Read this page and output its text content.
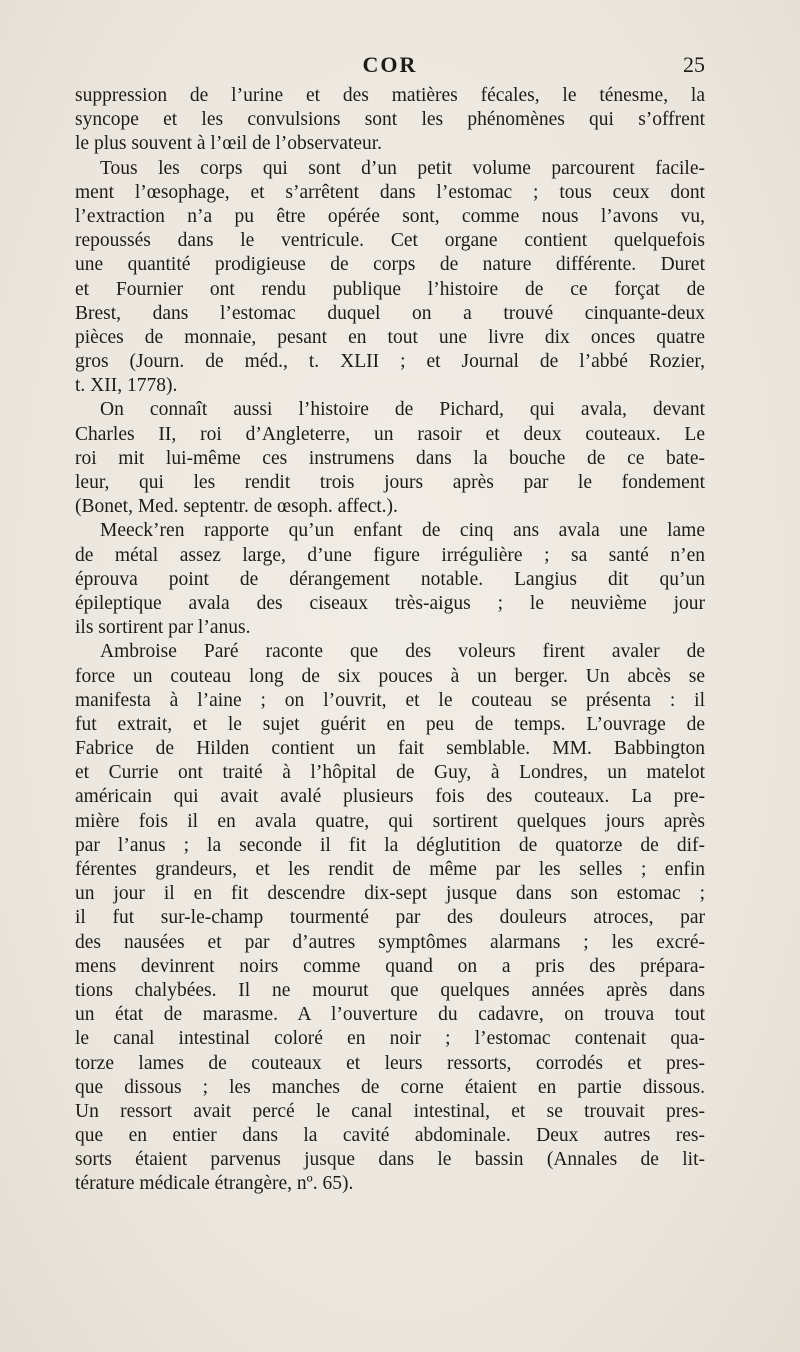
COR	25
suppression de l’urine et des matières fécales, le ténesme, la
syncope et les convulsions sont les phénomènes qui s’offrent
le plus souvent à l’œil de l’observateur.
Tous les corps qui sont d’un petit volume parcourent facile-
ment l’œsophage, et s’arrêtent dans l’estomac ; tous ceux dont
l’extraction n’a pu être opérée sont, comme nous l’avons vu,
repoussés dans le ventricule. Cet organe contient quelquefois
une quantité prodigieuse de corps de nature différente. Duret
et Fournier ont rendu publique l’histoire de ce forçat de
Brest, dans l’estomac duquel on a trouvé cinquante-deux
pièces de monnaie, pesant en tout une livre dix onces quatre
gros (Journ. de méd., t. XLII ; et Journal de l’abbé Rozier,
t. XII, 1778).
On connaît aussi l’histoire de Pichard, qui avala, devant
Charles II, roi d’Angleterre, un rasoir et deux couteaux. Le
roi mit lui-même ces instrumens dans la bouche de ce bate-
leur, qui les rendit trois jours après par le fondement
(Bonet, Med. septentr. de œsoph. affect.).
Meeck’ren rapporte qu’un enfant de cinq ans avala une lame
de métal assez large, d’une figure irrégulière ; sa santé n’en
éprouva point de dérangement notable. Langius dit qu’un
épileptique avala des ciseaux très-aigus ; le neuvième jour
ils sortirent par l’anus.
Ambroise Paré raconte que des voleurs firent avaler de
force un couteau long de six pouces à un berger. Un abcès se
manifesta à l’aine ; on l’ouvrit, et le couteau se présenta : il
fut extrait, et le sujet guérit en peu de temps. L’ouvrage de
Fabrice de Hilden contient un fait semblable. MM. Babbington
et Currie ont traité à l’hôpital de Guy, à Londres, un matelot
américain qui avait avalé plusieurs fois des couteaux. La pre-
mière fois il en avala quatre, qui sortirent quelques jours après
par l’anus ; la seconde il fit la déglutition de quatorze de dif-
férentes grandeurs, et les rendit de même par les selles ; enfin
un jour il en fit descendre dix-sept jusque dans son estomac ;
il fut sur-le-champ tourmenté par des douleurs atroces, par
des nausées et par d’autres symptômes alarmans ; les excré-
mens devinrent noirs comme quand on a pris des prépara-
tions chalybées. Il ne mourut que quelques années après dans
un état de marasme. A l’ouverture du cadavre, on trouva tout
le canal intestinal coloré en noir ; l’estomac contenait qua-
torze lames de couteaux et leurs ressorts, corrodés et pres-
que dissous ; les manches de corne étaient en partie dissous.
Un ressort avait percé le canal intestinal, et se trouvait pres-
que en entier dans la cavité abdominale. Deux autres res-
sorts étaient parvenus jusque dans le bassin (Annales de lit-
térature médicale étrangère, nº. 65).
